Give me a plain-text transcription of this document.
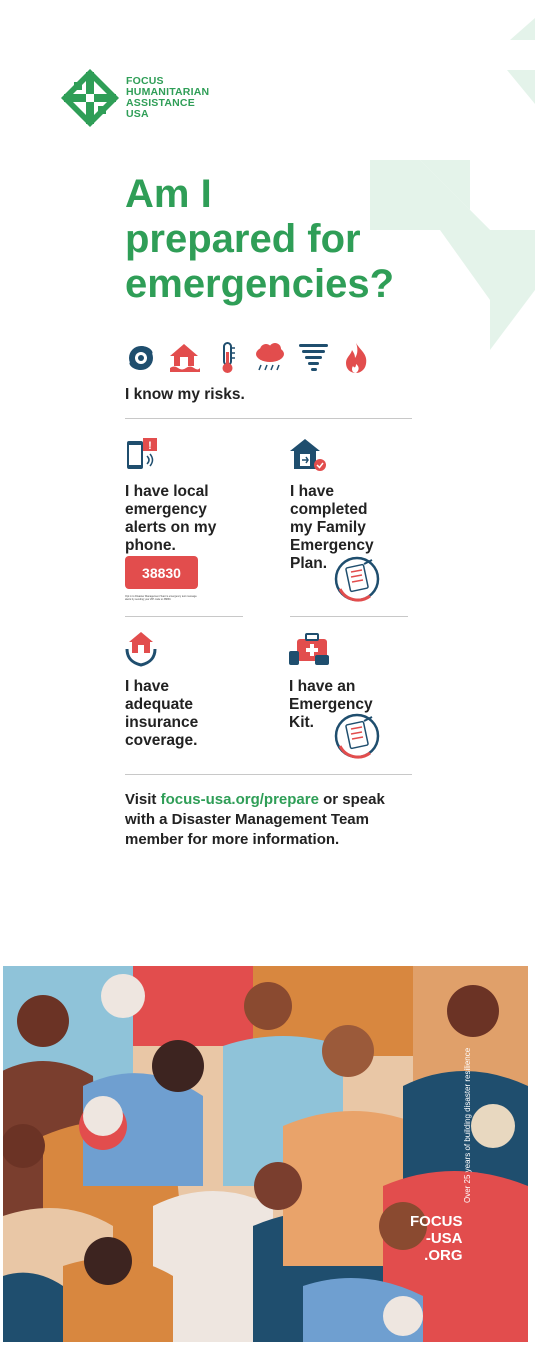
FOCUS
HUMANITARIAN
ASSISTANCE
USA
Am I
prepared for
emergencies?
I know my risks.
!
I have local
emergency
alerts on my
phone.
38830
Opt in to Disaster Management Team's emergency text message alerts by sending your ZIP code to 38830.
I have
completed
my Family
Emergency
Plan.
I have
adequate
insurance
coverage.
I have an
Emergency
Kit.
Visit focus-usa.org/prepare or speak
with a Disaster Management Team
member for more information.
Over 25 years of building disaster resilience
FOCUS
-USA
.ORG
